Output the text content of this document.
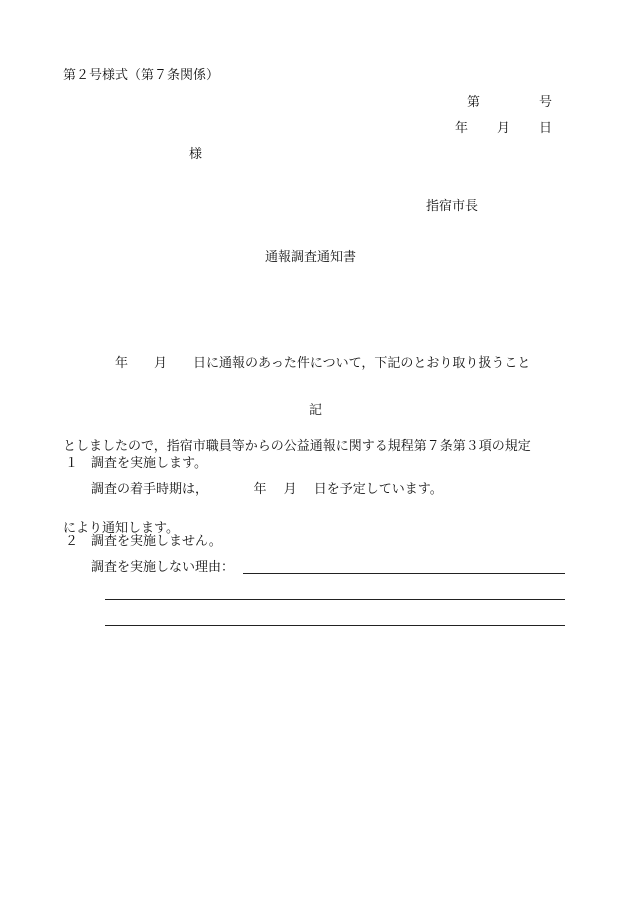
第２号様式（第７条関係）
第	号
年 月 日
様
指宿市長
通報調査通知書

　　　　年　　月　　日に通報のあった件について，下記のとおり取り扱うこと

としましたので，指宿市職員等からの公益通報に関する規程第７条第３項の規定

により通知します。

記
１ 調査を実施します。
調査の着手時期は，　　　　年　 月　 日を予定しています。
２ 調査を実施しません。
調査を実施しない理由：
